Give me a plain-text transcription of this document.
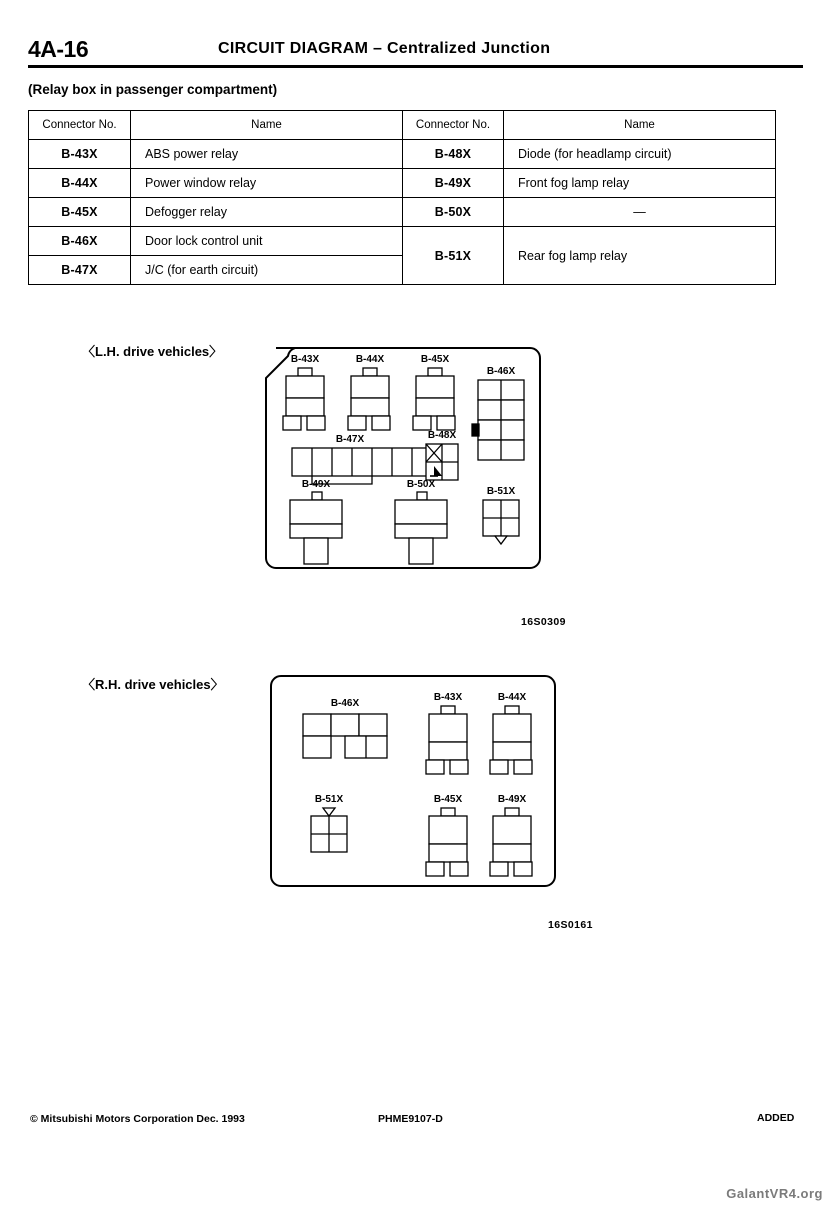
4A-16	CIRCUIT DIAGRAM – Centralized Junction
(Relay box in passenger compartment)
Connector No.	Name	Connector No.	Name
B-43X	ABS power relay	B-48X	Diode (for headlamp circuit)
B-44X	Power window relay	B-49X	Front fog lamp relay
B-45X	Defogger relay	B-50X	—
B-46X	Door lock control unit	B-51X	Rear fog lamp relay
B-47X	J/C (for earth circuit)		
〈L.H. drive vehicles〉
B-43X	B-44X	B-45X
B-46X
B-47X	B-48X
B-49X	B-50X
B-51X
16S0309
〈R.H. drive vehicles〉
B-46X
B-43X	B-44X
B-51X	B-45X	B-49X
16S0161
© Mitsubishi Motors Corporation Dec. 1993	PHME9107-D	ADDED
GalantVR4.org
